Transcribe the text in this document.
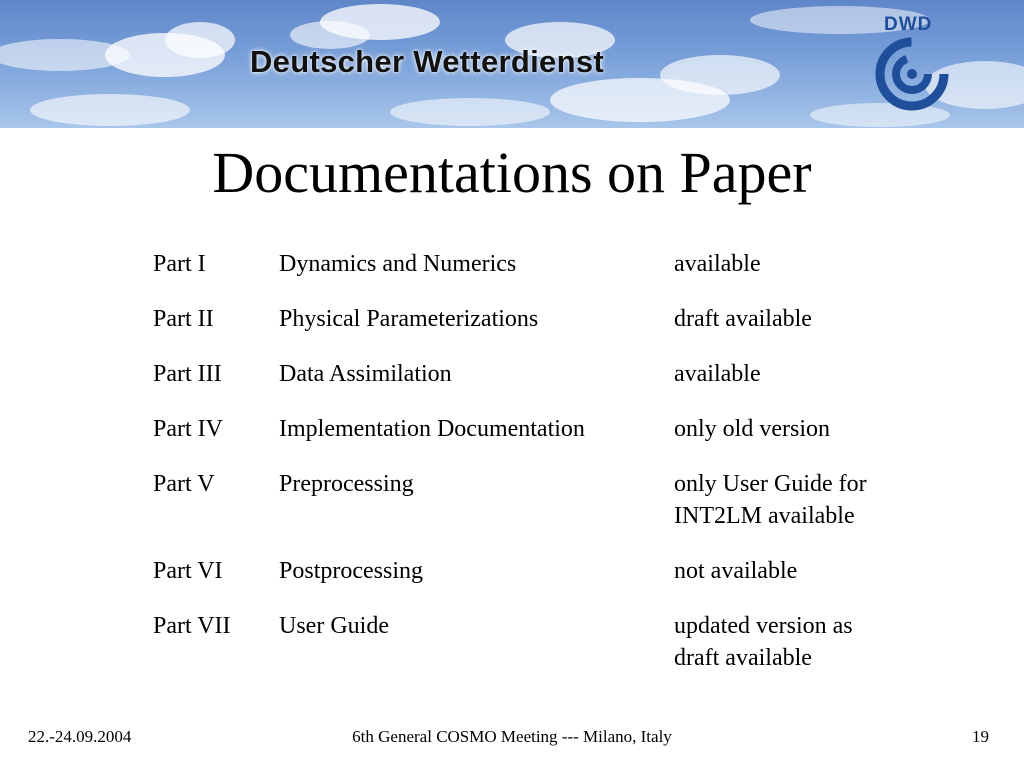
Deutscher Wetterdienst
DWD
Documentations on Paper
Part I	Dynamics and Numerics	available
Part II	Physical Parameterizations	draft available
Part III	Data Assimilation	available
Part IV	Implementation Documentation	only old version
Part V	Preprocessing	only User Guide for
INT2LM available
Part VI	Postprocessing	not available
Part VII	User Guide	updated version as
draft available
6th General COSMO Meeting --- Milano, Italy
22.-24.09.2004	19
